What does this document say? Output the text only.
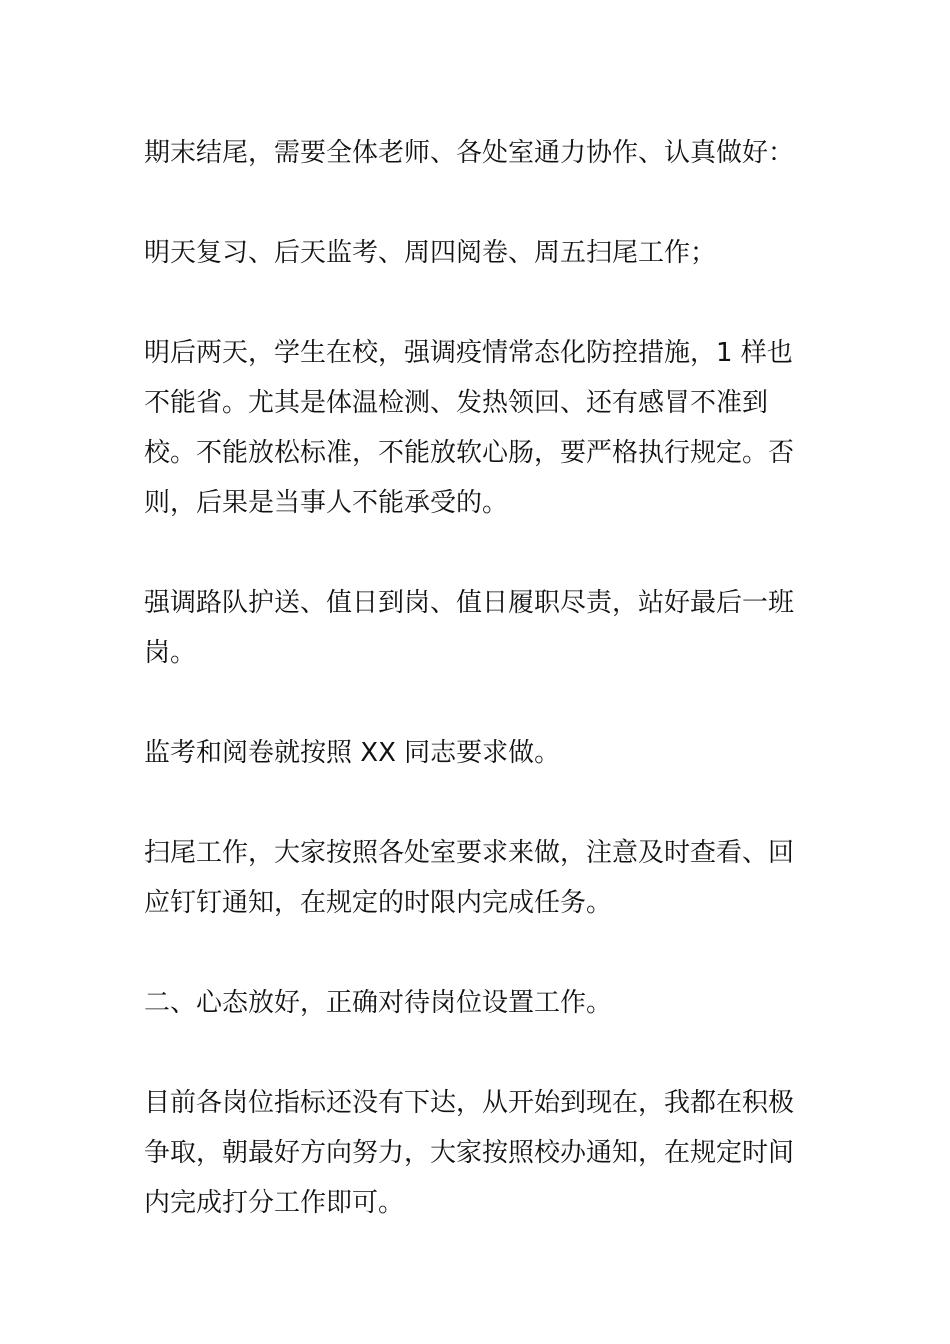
期末结尾，需要全体老师、各处室通力协作、认真做好：

明天复习、后天监考、周四阅卷、周五扫尾工作；

明后两天，学生在校，强调疫情常态化防控措施，1 样也不能省。尤其是体温检测、发热领回、还有感冒不准到校。不能放松标准，不能放软心肠，要严格执行规定。否则，后果是当事人不能承受的。

强调路队护送、值日到岗、值日履职尽责，站好最后一班岗。

监考和阅卷就按照 XX 同志要求做。

扫尾工作，大家按照各处室要求来做，注意及时查看、回应钉钉通知，在规定的时限内完成任务。

二、心态放好，正确对待岗位设置工作。

目前各岗位指标还没有下达，从开始到现在，我都在积极争取，朝最好方向努力，大家按照校办通知，在规定时间内完成打分工作即可。
